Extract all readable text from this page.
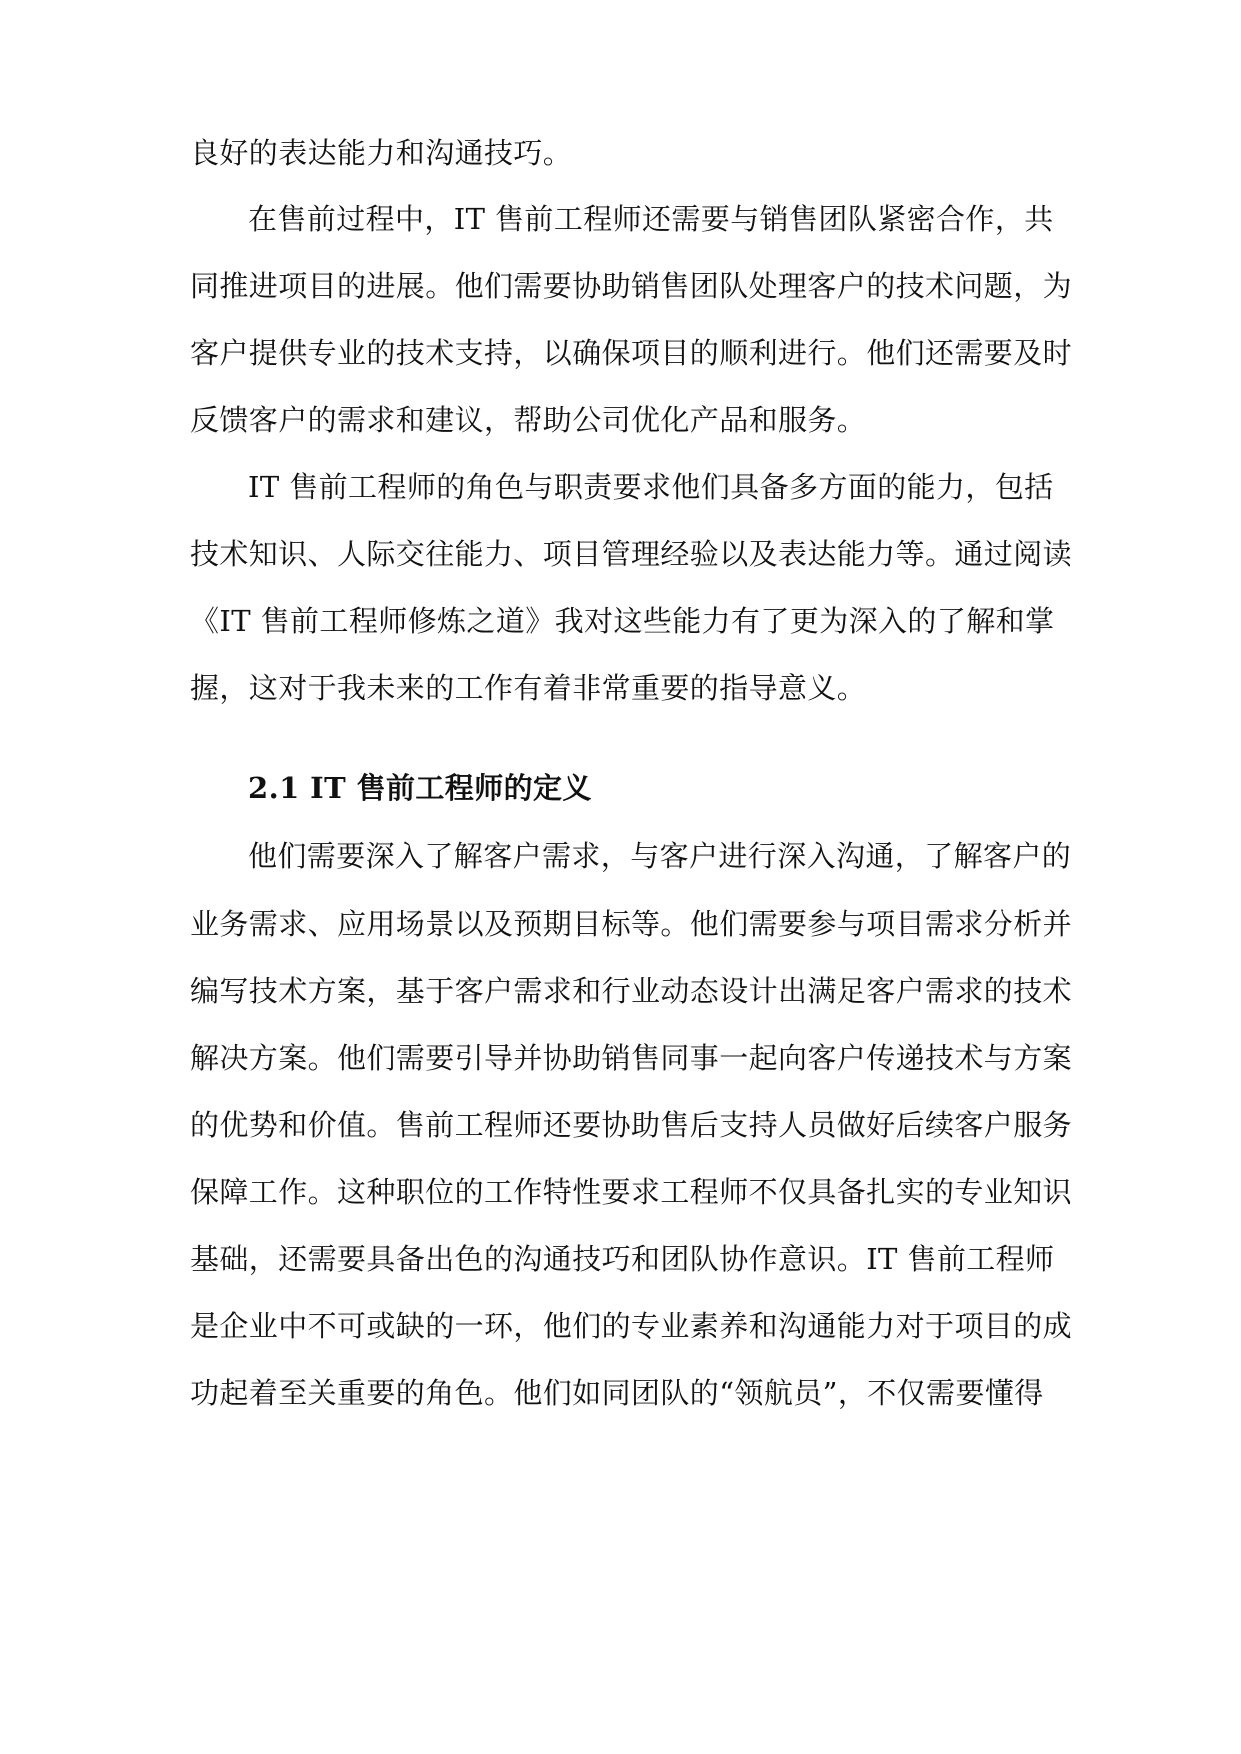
良好的表达能力和沟通技巧。
在售前过程中，IT 售前工程师还需要与销售团队紧密合作，共
同推进项目的进展。他们需要协助销售团队处理客户的技术问题，为
客户提供专业的技术支持，以确保项目的顺利进行。他们还需要及时
反馈客户的需求和建议，帮助公司优化产品和服务。
IT 售前工程师的角色与职责要求他们具备多方面的能力，包括
技术知识、人际交往能力、项目管理经验以及表达能力等。通过阅读
《IT 售前工程师修炼之道》我对这些能力有了更为深入的了解和掌
握，这对于我未来的工作有着非常重要的指导意义。
2.1 IT 售前工程师的定义
他们需要深入了解客户需求，与客户进行深入沟通，了解客户的
业务需求、应用场景以及预期目标等。他们需要参与项目需求分析并
编写技术方案，基于客户需求和行业动态设计出满足客户需求的技术
解决方案。他们需要引导并协助销售同事一起向客户传递技术与方案
的优势和价值。售前工程师还要协助售后支持人员做好后续客户服务
保障工作。这种职位的工作特性要求工程师不仅具备扎实的专业知识
基础，还需要具备出色的沟通技巧和团队协作意识。IT 售前工程师
是企业中不可或缺的一环，他们的专业素养和沟通能力对于项目的成
功起着至关重要的角色。他们如同团队的“领航员”，不仅需要懂得
